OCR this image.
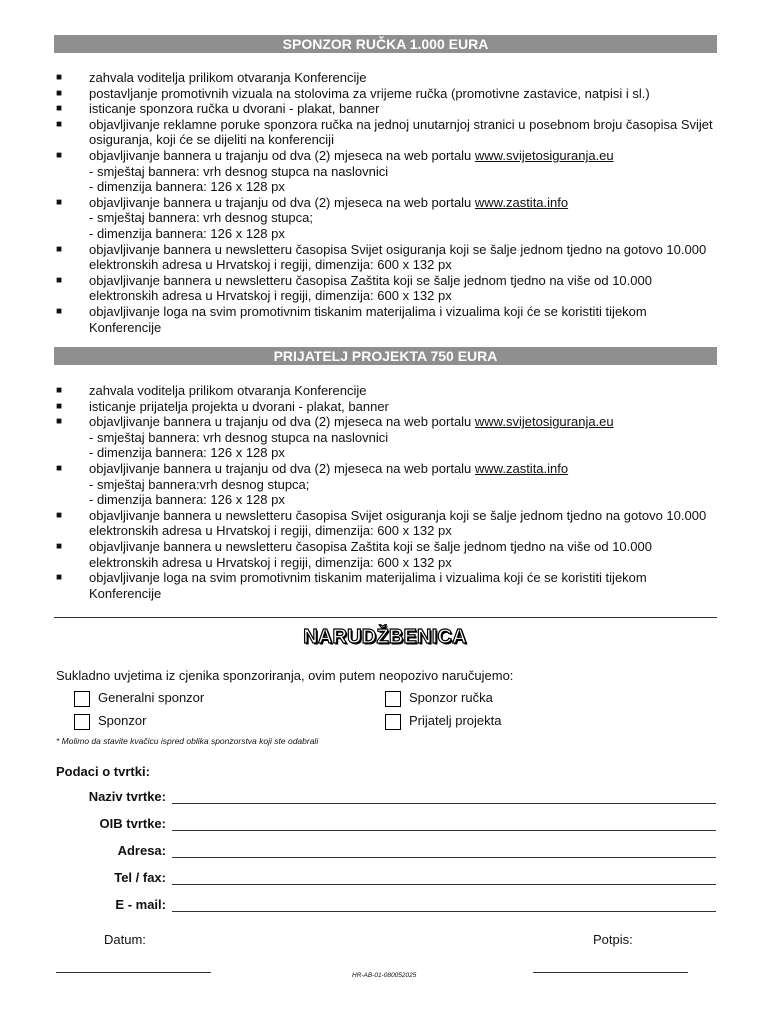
SPONZOR RUČKA 1.000 EURA
■ zahvala voditelja prilikom otvaranja Konferencije
■ postavljanje promotivnih vizuala na stolovima za vrijeme ručka (promotivne zastavice, natpisi i sl.)
■ isticanje sponzora ručka u dvorani - plakat, banner
■ objavljivanje reklamne poruke sponzora ručka na jednoj unutarnjoj stranici u posebnom broju časopisa Svijet osiguranja, koji će se dijeliti na konferenciji
■ objavljivanje bannera u trajanju od dva (2) mjeseca na web portalu www.svijetosiguranja.eu
- smještaj bannera: vrh desnog stupca na naslovnici
- dimenzija bannera: 126 x 128 px
■ objavljivanje bannera u trajanju od dva (2) mjeseca na web portalu www.zastita.info
- smještaj bannera: vrh desnog stupca;
- dimenzija bannera: 126 x 128 px
■ objavljivanje bannera u newsletteru časopisa Svijet osiguranja koji se šalje jednom tjedno na gotovo 10.000 elektronskih adresa u Hrvatskoj i regiji, dimenzija: 600 x 132 px
■ objavljivanje bannera u newsletteru časopisa Zaštita koji se šalje jednom tjedno na više od 10.000 elektronskih adresa u Hrvatskoj i regiji, dimenzija: 600 x 132 px
■ objavljivanje loga na svim promotivnim tiskanim materijalima i vizualima koji će se koristiti tijekom Konferencije
PRIJATELJ PROJEKTA 750 EURA
■ zahvala voditelja prilikom otvaranja Konferencije
■ isticanje prijatelja projekta u dvorani - plakat, banner
■ objavljivanje bannera u trajanju od dva (2) mjeseca na web portalu www.svijetosiguranja.eu
- smještaj bannera: vrh desnog stupca na naslovnici
- dimenzija bannera: 126 x 128 px
■ objavljivanje bannera u trajanju od dva (2) mjeseca na web portalu www.zastita.info
- smještaj bannera:vrh desnog stupca;
- dimenzija bannera: 126 x 128 px
■ objavljivanje bannera u newsletteru časopisa Svijet osiguranja koji se šalje jednom tjedno na gotovo 10.000 elektronskih adresa u Hrvatskoj i regiji, dimenzija: 600 x 132 px
■ objavljivanje bannera u newsletteru časopisa Zaštita koji se šalje jednom tjedno na više od 10.000 elektronskih adresa u Hrvatskoj i regiji, dimenzija: 600 x 132 px
■ objavljivanje loga na svim promotivnim tiskanim materijalima i vizualima koji će se koristiti tijekom Konferencije
NARUDŽBENICA
Sukladno uvjetima iz cjenika sponzoriranja, ovim putem neopozivo naručujemo:
Generalni sponzor	Sponzor ručka
Sponzor	Prijatelj projekta
* Molimo da stavite kvačicu ispred oblika sponzorstva koji ste odabrali
Podaci o tvrtki:
Naziv tvrtke:
OIB tvrtke:
Adresa:
Tel / fax:
E - mail:
Datum:	Potpis:
HR-AB-01-080052025
